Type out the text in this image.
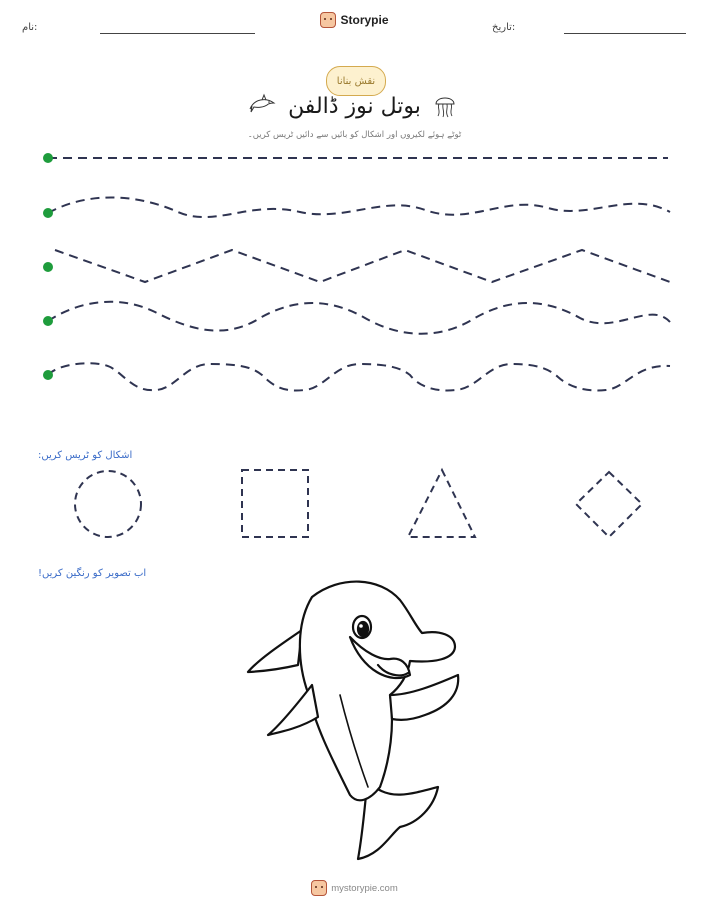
نام:
Storypie
تاریخ:
نقش بنانا
بوتل نوز ڈالفن
ٹوٹے ہوئے لکیروں اور اشکال کو بائیں سے دائیں ٹریس کریں۔
اشکال کو ٹریس کریں:
اب تصویر کو رنگین کریں!
mystorypie.com
